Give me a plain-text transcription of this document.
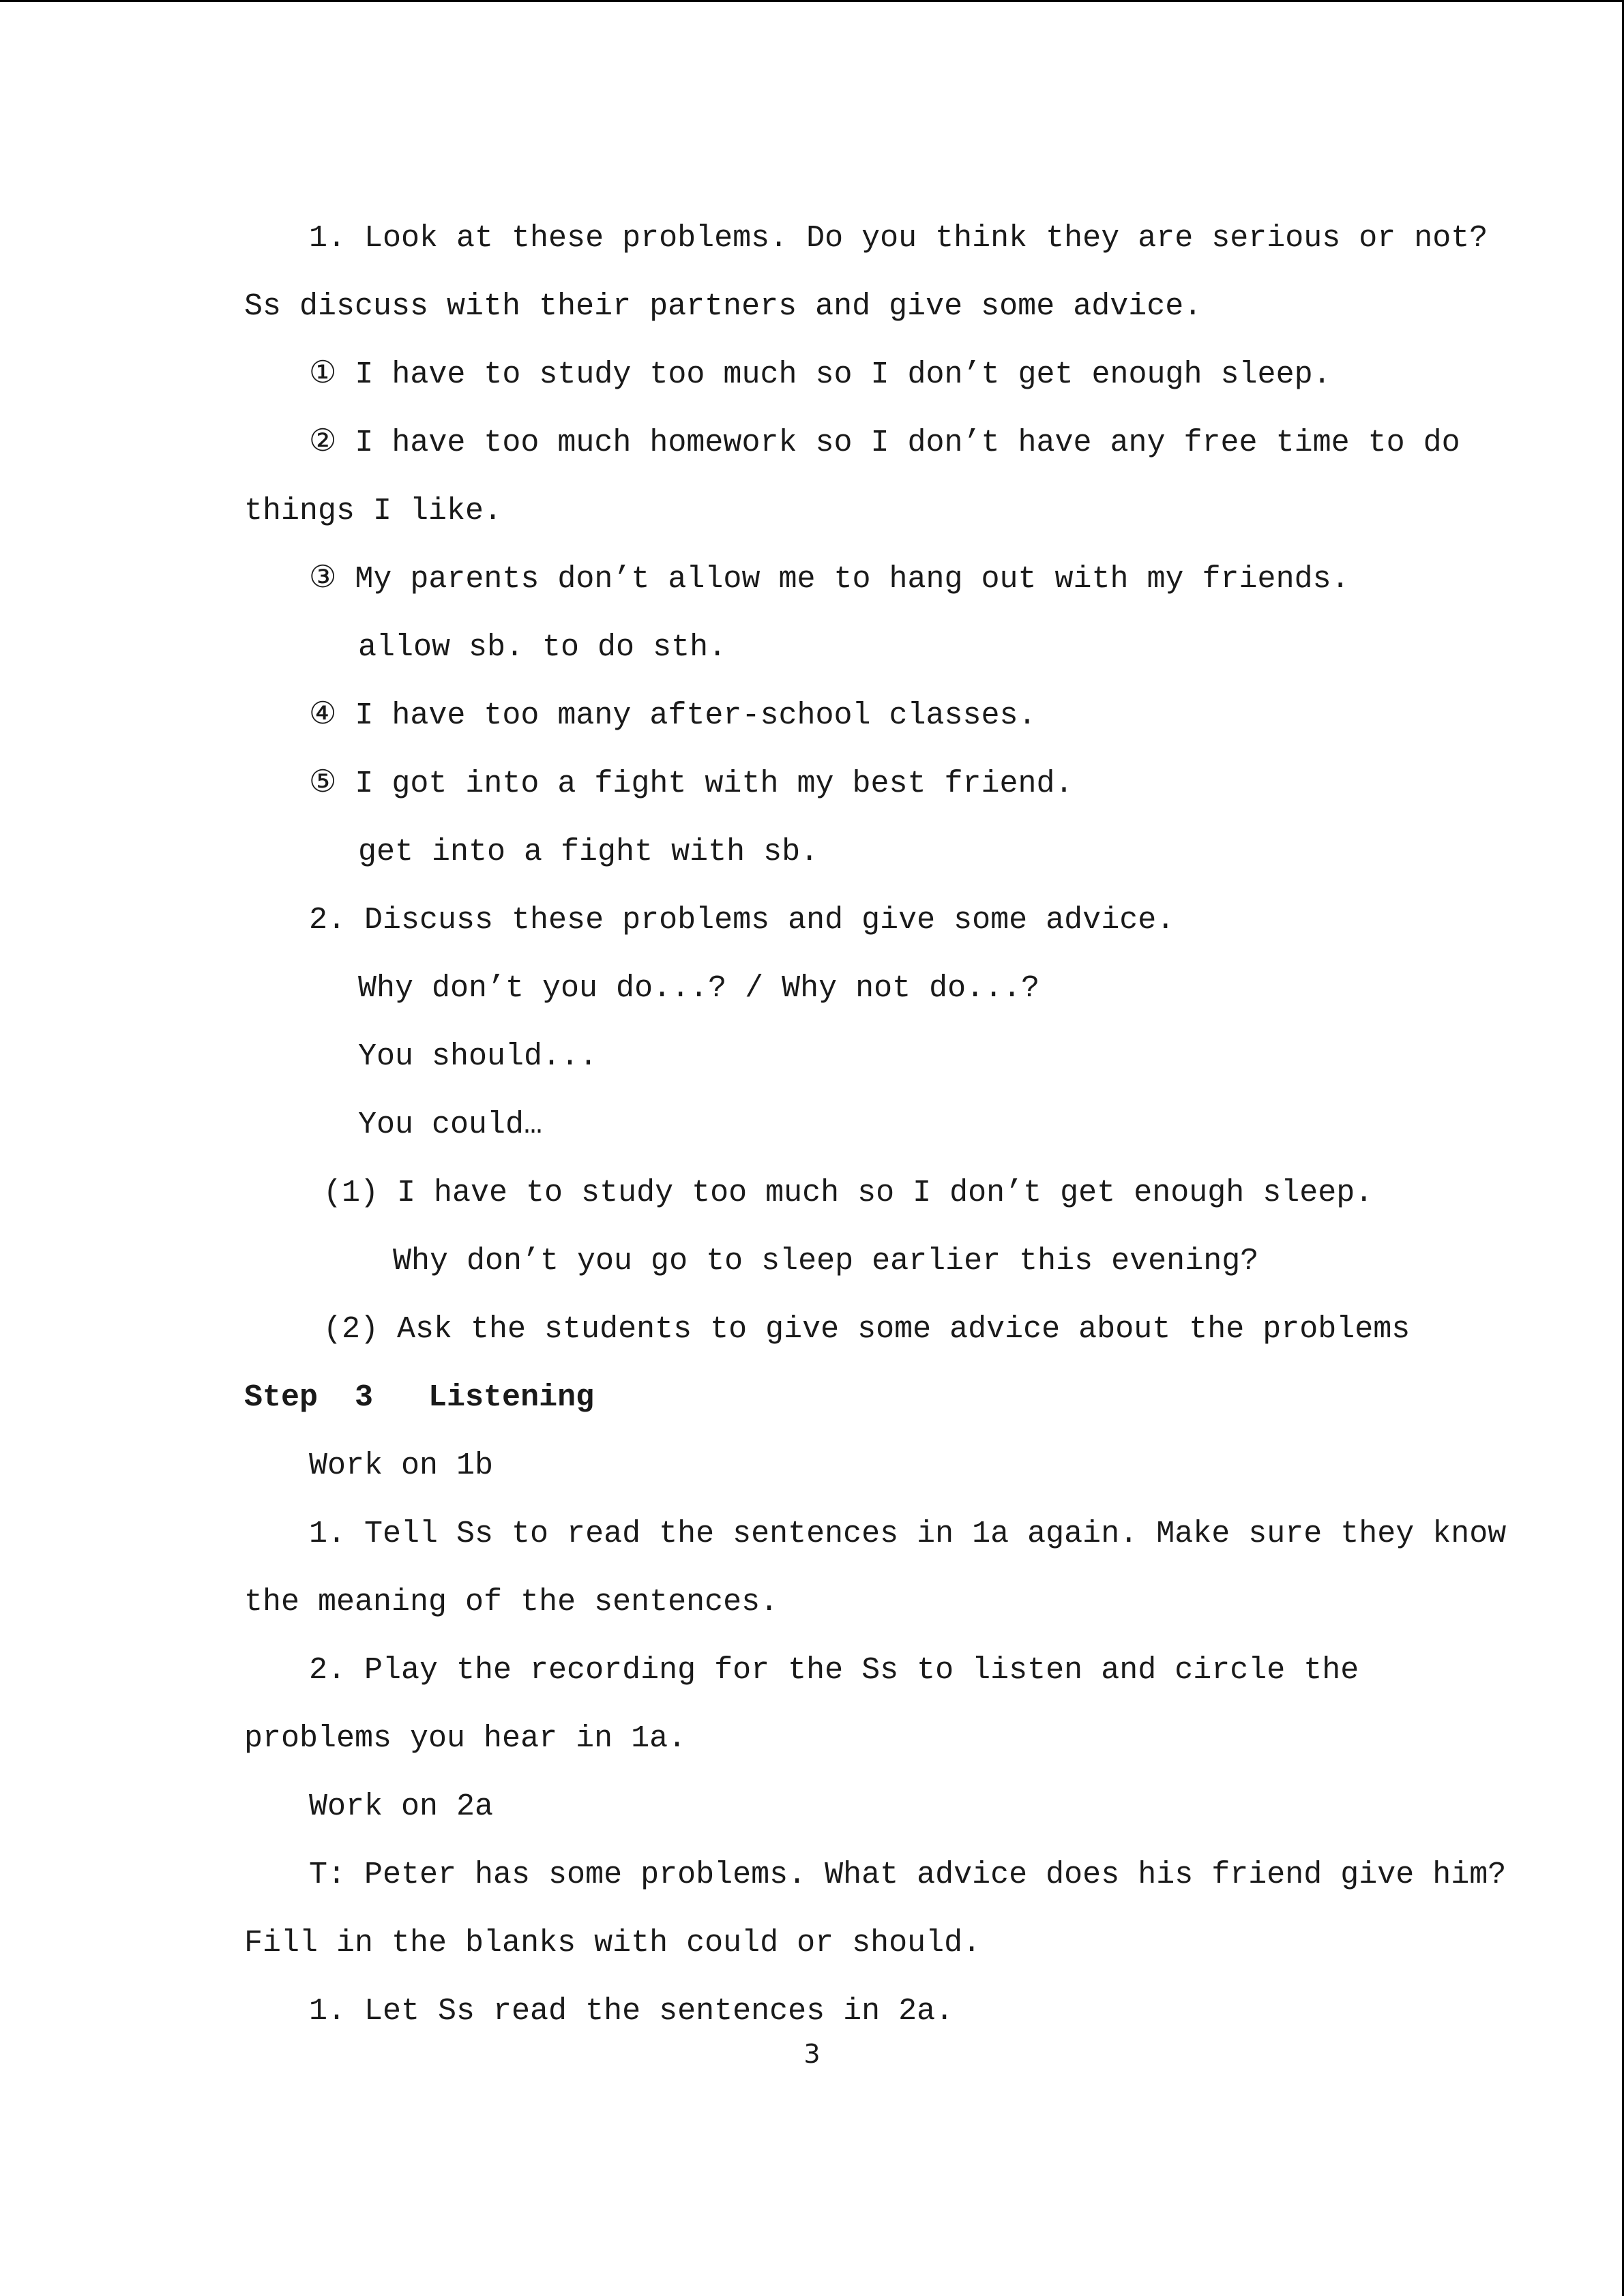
1. Look at these problems. Do you think they are serious or not?
Ss discuss with their partners and give some advice.
① I have to study too much so I don’t get enough sleep.
② I have too much homework so I don’t have any free time to do
things I like.
③ My parents don’t allow me to hang out with my friends.
allow sb. to do sth.
④ I have too many after-school classes.
⑤ I got into a fight with my best friend.
get into a fight with sb.
2. Discuss these problems and give some advice.
Why don’t you do...? / Why not do...?
You should...
You could…
(1) I have to study too much so I don’t get enough sleep.
Why don’t you go to sleep earlier this evening?
(2) Ask the students to give some advice about the problems
Step  3   Listening
Work on 1b
1. Tell Ss to read the sentences in 1a again. Make sure they know
the meaning of the sentences.
2. Play the recording for the Ss to listen and circle the
problems you hear in 1a.
Work on 2a
T: Peter has some problems. What advice does his friend give him?
Fill in the blanks with could or should.
1. Let Ss read the sentences in 2a.
3
